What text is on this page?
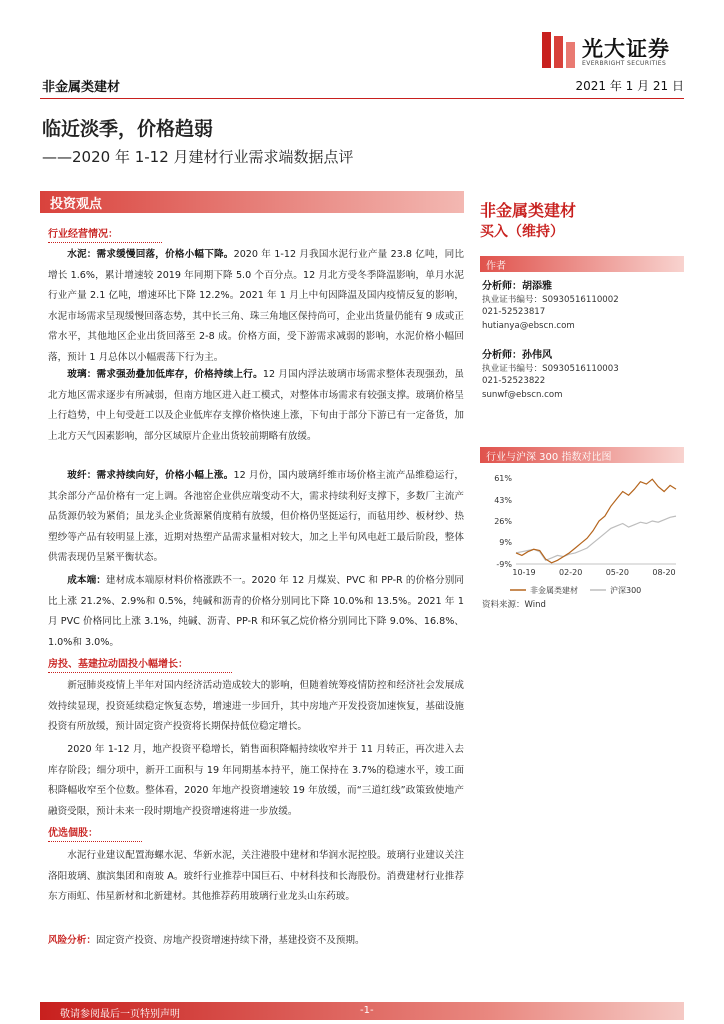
光大证券
EVERBRIGHT SECURITIES
非金属类建材	2021 年 1 月 21 日
临近淡季，价格趋弱
——2020 年 1-12 月建材行业需求端数据点评
投资观点
行业经营情况：
水泥：需求缓慢回落，价格小幅下降。2020 年 1-12 月我国水泥行业产量 23.8 亿吨，同比增长 1.6%，累计增速较 2019 年同期下降 5.0 个百分点。12 月北方受冬季降温影响，单月水泥行业产量 2.1 亿吨，增速环比下降 12.2%。2021 年 1 月上中旬因降温及国内疫情反复的影响，水泥市场需求呈现缓慢回落态势，其中长三角、珠三角地区保持尚可，企业出货量仍能有 9 成或正常水平，其他地区企业出货回落至 2-8 成。价格方面，受下游需求减弱的影响，水泥价格小幅回落，预计 1 月总体以小幅震荡下行为主。
玻璃：需求强劲叠加低库存，价格持续上行。12 月国内浮法玻璃市场需求整体表现强劲，虽北方地区需求逐步有所减弱，但南方地区进入赶工模式，对整体市场需求有较强支撑。玻璃价格呈上行趋势，中上旬受赶工以及企业低库存支撑价格快速上涨，下旬由于部分下游已有一定备货，加上北方天气因素影响，部分区域原片企业出货较前期略有放缓。
玻纤：需求持续向好，价格小幅上涨。12 月份，国内玻璃纤维市场价格主流产品维稳运行，其余部分产品价格有一定上调。各池窑企业供应端变动不大，需求持续利好支撑下，多数厂主流产品货源仍较为紧俏；虽龙头企业货源紧俏度稍有放缓，但价格仍坚挺运行，而毡用纱、板材纱、热塑纱等产品有较明显上涨，近期对热塑产品需求量相对较大，加之上半旬风电赶工最后阶段，整体供需表现仍呈紧平衡状态。
成本端：建材成本端原材料价格涨跌不一。2020 年 12 月煤炭、PVC 和 PP-R 的价格分别同比上涨 21.2%、2.9%和 0.5%，纯碱和沥青的价格分别同比下降 10.0%和 13.5%。2021 年 1 月 PVC 价格同比上涨 3.1%，纯碱、沥青、PP-R 和环氧乙烷价格分别同比下降 9.0%、16.8%、1.0%和 3.0%。
房投、基建拉动固投小幅增长：
新冠肺炎疫情上半年对国内经济活动造成较大的影响，但随着统筹疫情防控和经济社会发展成效持续显现，投资延续稳定恢复态势，增速进一步回升，其中房地产开发投资加速恢复，基础设施投资有所放缓，预计固定资产投资将长期保持低位稳定增长。
2020 年 1-12 月，地产投资平稳增长，销售面积降幅持续收窄并于 11 月转正，再次进入去库存阶段；细分项中，新开工面积与 19 年同期基本持平，施工保持在 3.7%的稳速水平，竣工面积降幅收窄至个位数。整体看，2020 年地产投资增速较 19 年放缓，而“三道红线”政策致使地产融资受限，预计未来一段时期地产投资增速将进一步放缓。
优选個股：
水泥行业建议配置海螺水泥、华新水泥，关注港股中建材和华润水泥控股。玻璃行业建议关注洛阳玻璃、旗滨集团和南玻 A。玻纤行业推荐中国巨石、中材科技和长海股份。消费建材行业推荐东方雨虹、伟星新材和北新建材。其他推荐药用玻璃行业龙头山东药玻。
风险分析：固定资产投资、房地产投资增速持续下滑，基建投资不及预期。
非金属类建材
买入（维持）
作者
分析师：胡添雅
执业证书编号：S0930516110002
021-52523817
hutianya@ebscn.com
分析师：孙伟风
执业证书编号：S0930516110003
021-52523822
sunwf@ebscn.com
行业与沪深 300 指数对比图
61%
43%
26%
9%
-9%
10-19	02-20	05-20	08-20
非金属类建材	沪深300
资料来源：Wind
敬请参阅最后一页特别声明	-1-
